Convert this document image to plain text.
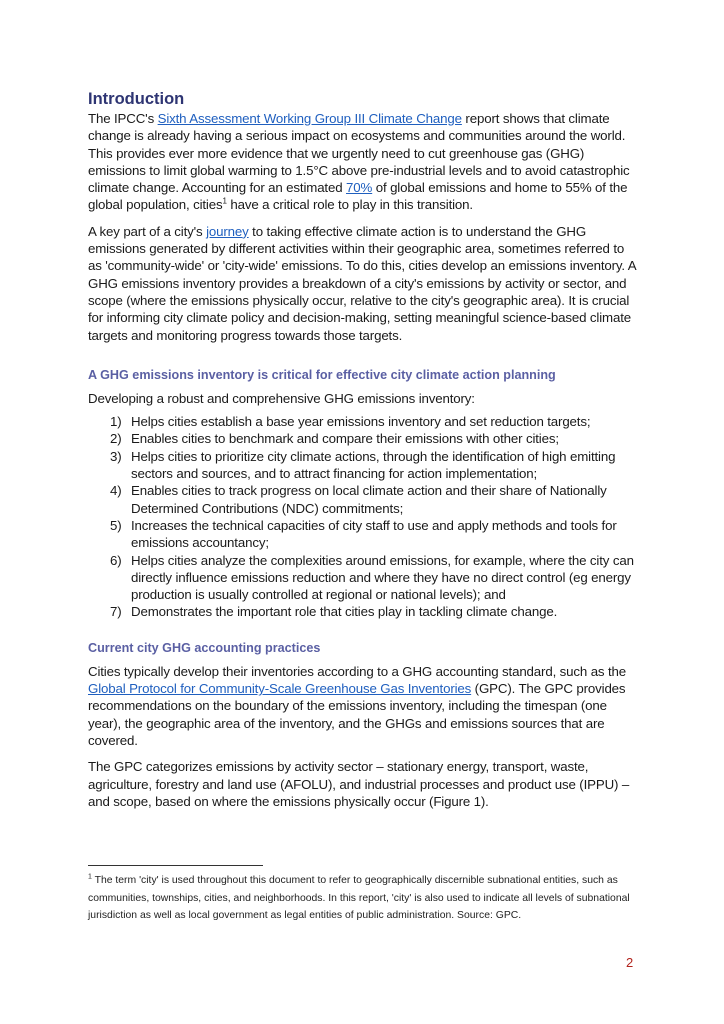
Introduction

The IPCC's Sixth Assessment Working Group III Climate Change report shows that climate change is already having a serious impact on ecosystems and communities around the world. This provides ever more evidence that we urgently need to cut greenhouse gas (GHG) emissions to limit global warming to 1.5°C above pre-industrial levels and to avoid catastrophic climate change. Accounting for an estimated 70% of global emissions and home to 55% of the global population, cities$^1$ have a critical role to play in this transition.

A key part of a city's journey to taking effective climate action is to understand the GHG emissions generated by different activities within their geographic area, sometimes referred to as 'community-wide' or 'city-wide' emissions. To do this, cities develop an emissions inventory. A GHG emissions inventory provides a breakdown of a city's emissions by activity or sector, and scope (where the emissions physically occur, relative to the city's geographic area). It is crucial for informing city climate policy and decision-making, setting meaningful science-based climate targets and monitoring progress towards those targets.

A GHG emissions inventory is critical for effective city climate action planning

Developing a robust and comprehensive GHG emissions inventory:

1) Helps cities establish a base year emissions inventory and set reduction targets;
2) Enables cities to benchmark and compare their emissions with other cities;
3) Helps cities to prioritize city climate actions, through the identification of high emitting sectors and sources, and to attract financing for action implementation;
4) Enables cities to track progress on local climate action and their share of Nationally Determined Contributions (NDC) commitments;
5) Increases the technical capacities of city staff to use and apply methods and tools for emissions accountancy;
6) Helps cities analyze the complexities around emissions, for example, where the city can directly influence emissions reduction and where they have no direct control (eg energy production is usually controlled at regional or national levels); and
7) Demonstrates the important role that cities play in tackling climate change.
Current city GHG accounting practices

Cities typically develop their inventories according to a GHG accounting standard, such as the Global Protocol for Community-Scale Greenhouse Gas Inventories (GPC). The GPC provides recommendations on the boundary of the emissions inventory, including the timespan (one year), the geographic area of the inventory, and the GHGs and emissions sources that are covered.

The GPC categorizes emissions by activity sector – stationary energy, transport, waste, agriculture, forestry and land use (AFOLU), and industrial processes and product use (IPPU) – and scope, based on where the emissions physically occur (Figure 1).

$^1$ The term 'city' is used throughout this document to refer to geographically discernible subnational entities, such as communities, townships, cities, and neighborhoods. In this report, 'city' is also used to indicate all levels of subnational jurisdiction as well as local government as legal entities of public administration. Source: GPC.
2
